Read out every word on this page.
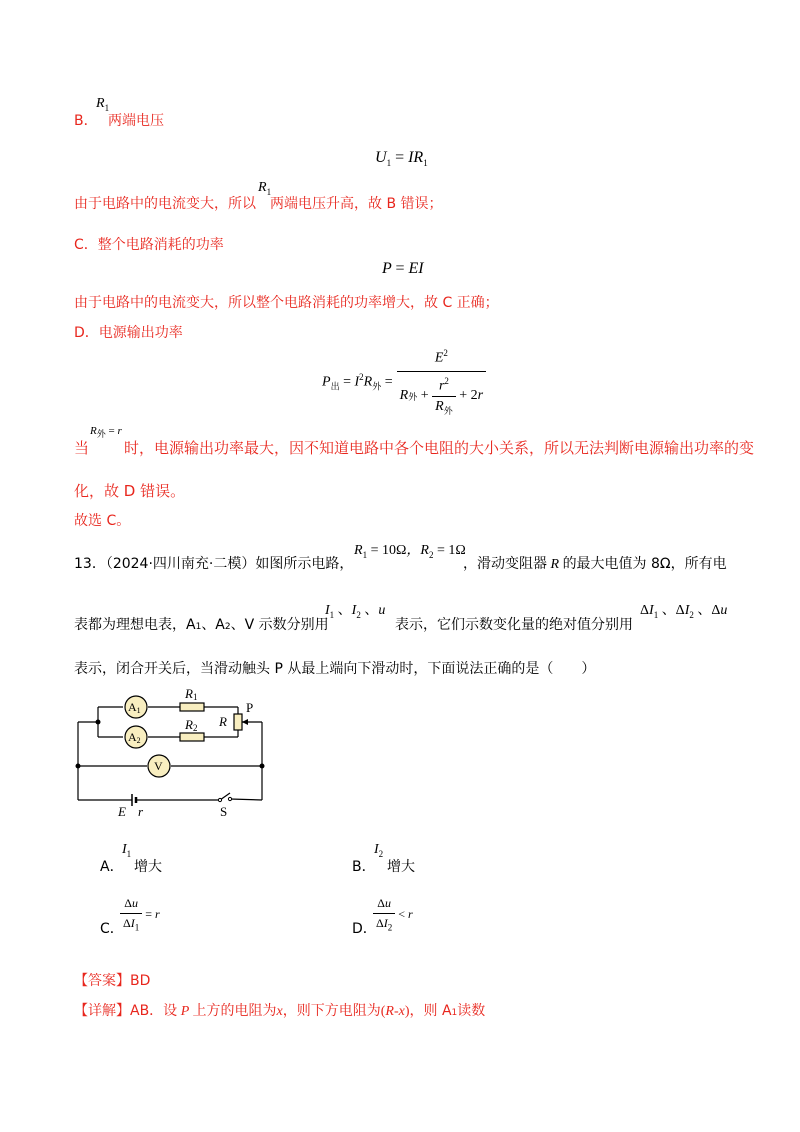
B．
$R_1$
两端电压
$U_1 = IR_1$
由于电路中的电流变大，所以
$R_1$
两端电压升高，故 B 错误；
C．整个电路消耗的功率
P = EI
由于电路中的电流变大，所以整个电路消耗的功率增大，故 C 正确；
D．电源输出功率
$P_出 = I^2R_外 = E^2$
R 外
+
$\frac{r^2}{R_外}$
+ 2 r
当
$R_外 = r$
时，电源输出功率最大，因不知道电路中各个电阻的大小关系，所以无法判断电源输出功率的变
化，故 D 错误。
故选 C。
13．（2024·四川南充·二模）如图所示电路，
$R_1 = 10\Omega$，$R_2 = 1\Omega$
，滑动变阻器 R 的最大电值为 8Ω，所有电
表都为理想电表，A1、A2、V 示数分别用
$I_1$ 、$I_2$ 、u
表示，它们示数变化量的绝对值分别用
$\Delta I_1$ 、$\Delta I_2$ 、Δu
表示，闭合开关后，当滑动触头 P 从最上端向下滑动时，下面说法正确的是（　　）
A1
A2
V
R1
R2 R
P
E r	S
A．
$I_1$
增大	B．
$I_2$
增大
C．
$\frac{\Delta u}{\Delta I_1} = r$
D．
$\frac{\Delta u}{\Delta I_2} < r$
【答案】BD
【详解】AB．设 P 上方的电阻为x，则下方电阻为(R-x)，则 A1读数
